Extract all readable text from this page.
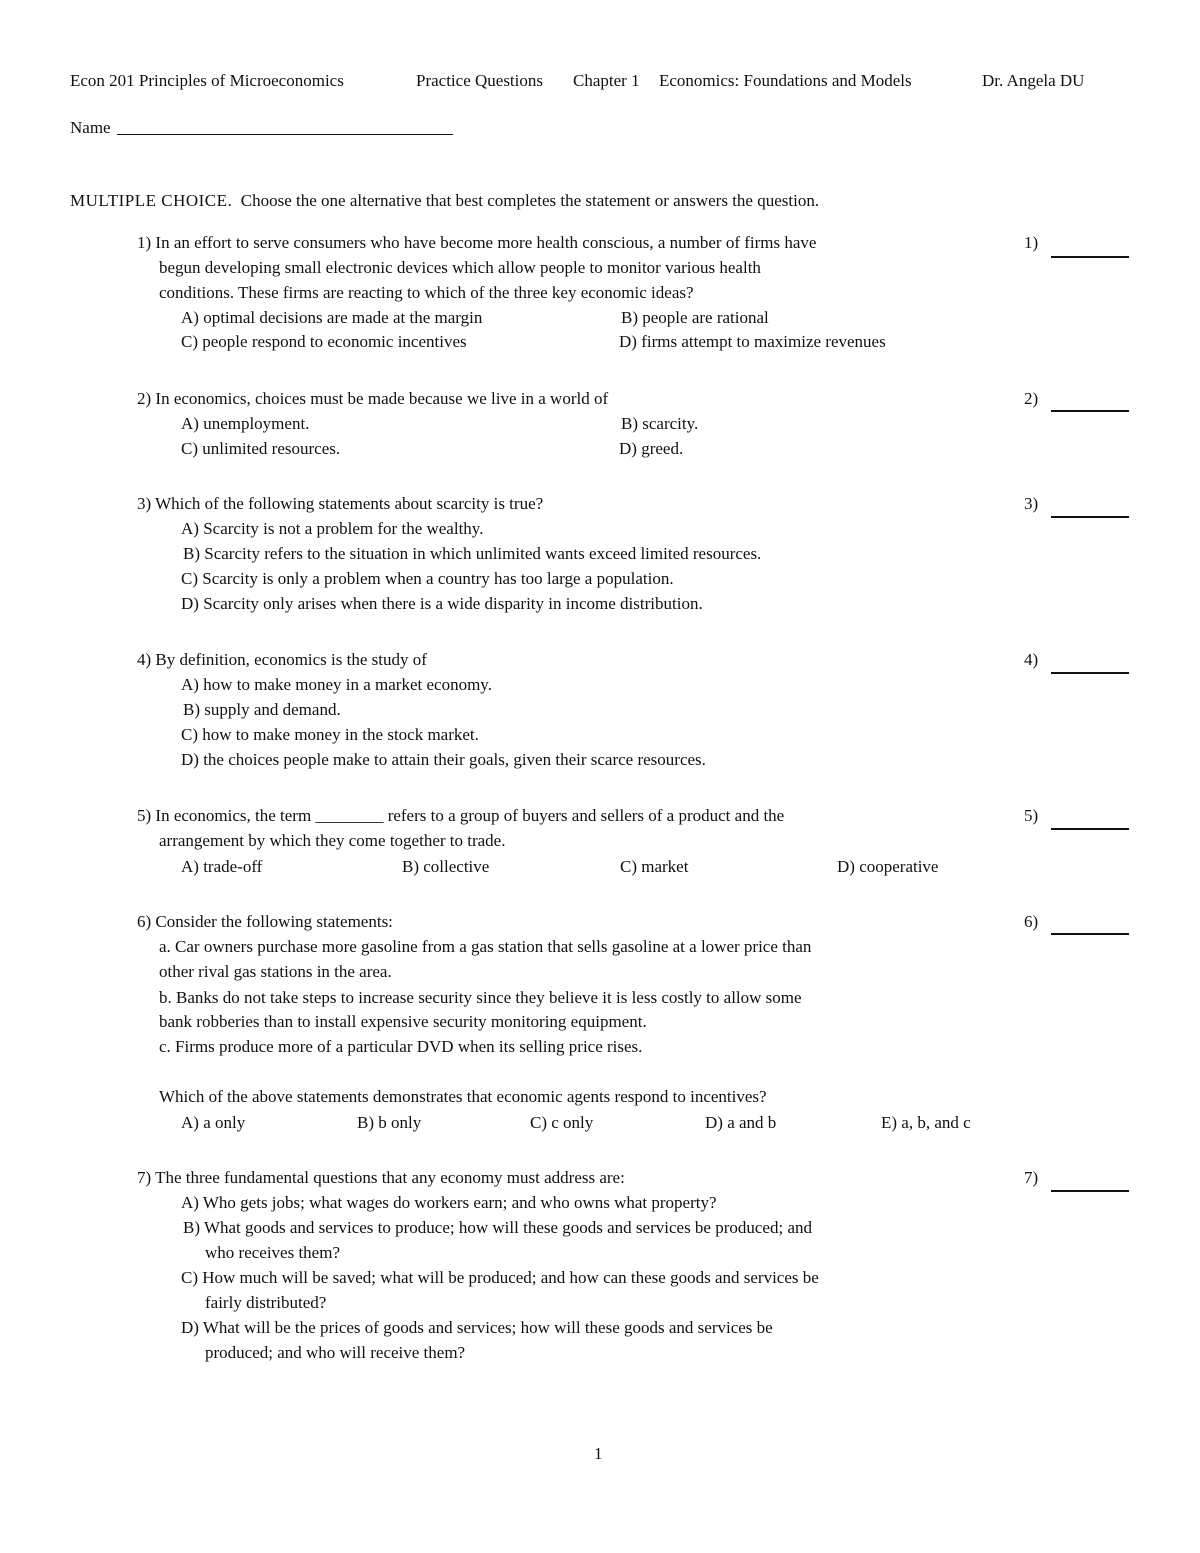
Econ 201 Principles of Microeconomics	Practice Questions Chapter 1 Economics: Foundations and Models	Dr. Angela DU
Name
MULTIPLE CHOICE. Choose the one alternative that best completes the statement or answers the question.
1) In an effort to serve consumers who have become more health conscious, a number of firms have
begun developing small electronic devices which allow people to monitor various health
conditions. These firms are reacting to which of the three key economic ideas?
A) optimal decisions are made at the margin	B) people are rational
C) people respond to economic incentives	D) firms attempt to maximize revenues
1)
2) In economics, choices must be made because we live in a world of
A) unemployment.	B) scarcity.
C) unlimited resources.	D) greed.
2)
3) Which of the following statements about scarcity is true?
A) Scarcity is not a problem for the wealthy.
B) Scarcity refers to the situation in which unlimited wants exceed limited resources.
C) Scarcity is only a problem when a country has too large a population.
D) Scarcity only arises when there is a wide disparity in income distribution.
3)
4) By definition, economics is the study of
A) how to make money in a market economy.
B) supply and demand.
C) how to make money in the stock market.
D) the choices people make to attain their goals, given their scarce resources.
4)
5) In economics, the term ________ refers to a group of buyers and sellers of a product and the
arrangement by which they come together to trade.
A) trade-off	B) collective	C) market	D) cooperative
5)
6) Consider the following statements:
a. Car owners purchase more gasoline from a gas station that sells gasoline at a lower price than
other rival gas stations in the area.
b. Banks do not take steps to increase security since they believe it is less costly to allow some
bank robberies than to install expensive security monitoring equipment.
c. Firms produce more of a particular DVD when its selling price rises.
Which of the above statements demonstrates that economic agents respond to incentives?
A) a only	B) b only	C) c only	D) a and b	E) a, b, and c
6)
7) The three fundamental questions that any economy must address are:
A) Who gets jobs; what wages do workers earn; and who owns what property?
B) What goods and services to produce; how will these goods and services be produced; and
who receives them?
C) How much will be saved; what will be produced; and how can these goods and services be
fairly distributed?
D) What will be the prices of goods and services; how will these goods and services be
produced; and who will receive them?
7)
1
